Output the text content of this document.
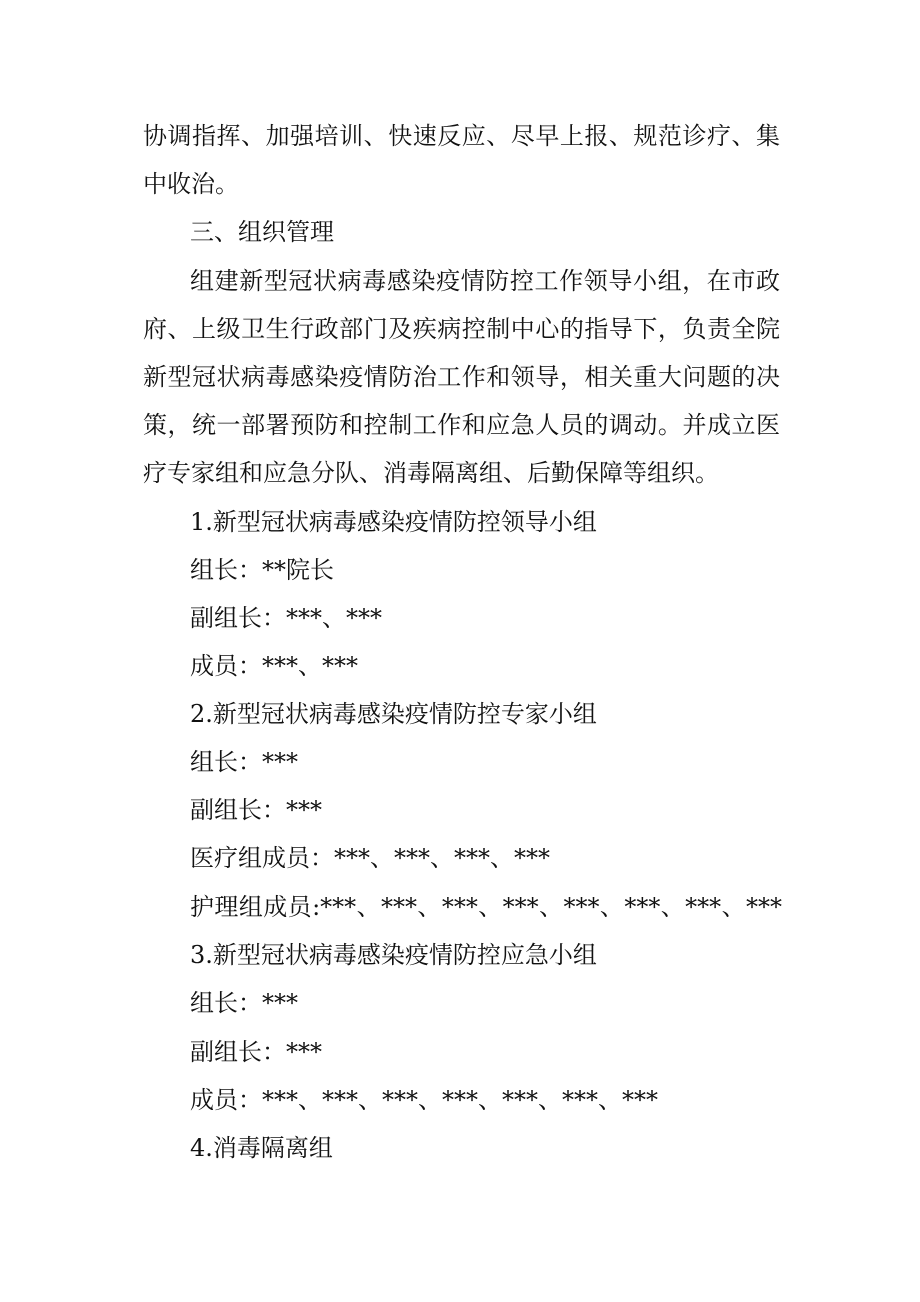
协调指挥、加强培训、快速反应、尽早上报、规范诊疗、集
中收治。
三、组织管理
组建新型冠状病毒感染疫情防控工作领导小组，在市政
府、上级卫生行政部门及疾病控制中心的指导下，负责全院
新型冠状病毒感染疫情防治工作和领导，相关重大问题的决
策，统一部署预防和控制工作和应急人员的调动。并成立医
疗专家组和应急分队、消毒隔离组、后勤保障等组织。
1.新型冠状病毒感染疫情防控领导小组
组长：**院长
副组长：***、***
成员：***、***
2.新型冠状病毒感染疫情防控专家小组
组长：***
副组长：***
医疗组成员：***、***、***、***
护理组成员:***、***、***、***、***、***、***、***
3.新型冠状病毒感染疫情防控应急小组
组长：***
副组长：***
成员：***、***、***、***、***、***、***
4.消毒隔离组
